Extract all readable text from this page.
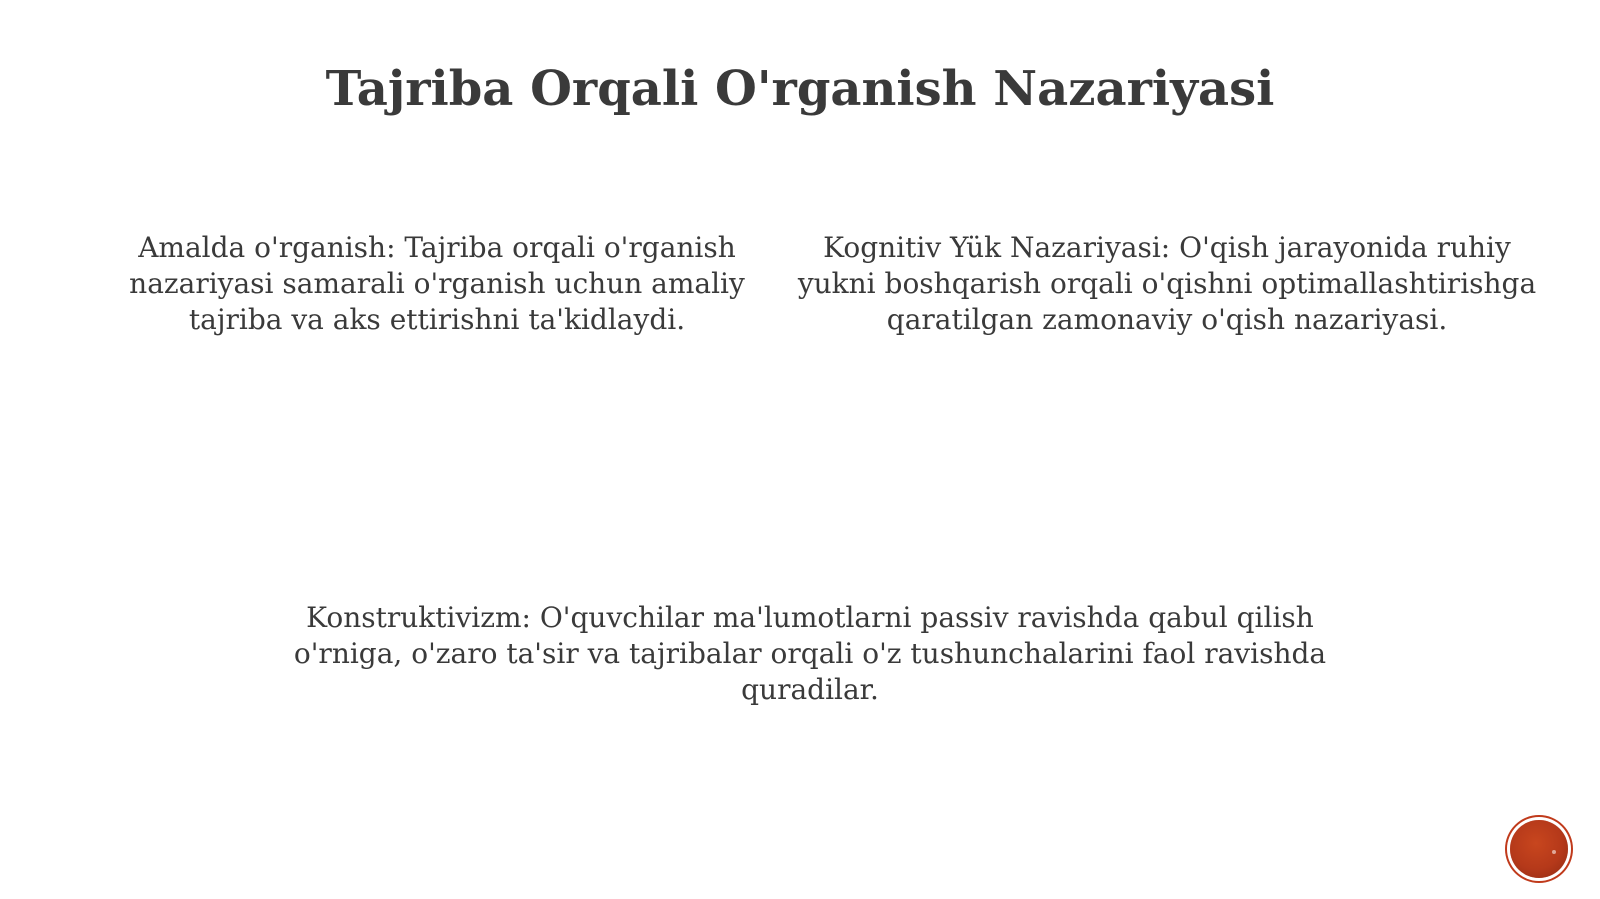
Tajriba Orqali O'rganish Nazariyasi

Amalda o'rganish: Tajriba orqali o'rganish nazariyasi samarali o'rganish uchun amaliy tajriba va aks ettirishni ta'kidlaydi.

Kognitiv Yük Nazariyasi: O'qish jarayonida ruhiy yukni boshqarish orqali o'qishni optimallashtirishga qaratilgan zamonaviy o'qish nazariyasi.

Konstruktivizm: O'quvchilar ma'lumotlarni passiv ravishda qabul qilish o'rniga, o'zaro ta'sir va tajribalar orqali o'z tushunchalarini faol ravishda quradilar.
